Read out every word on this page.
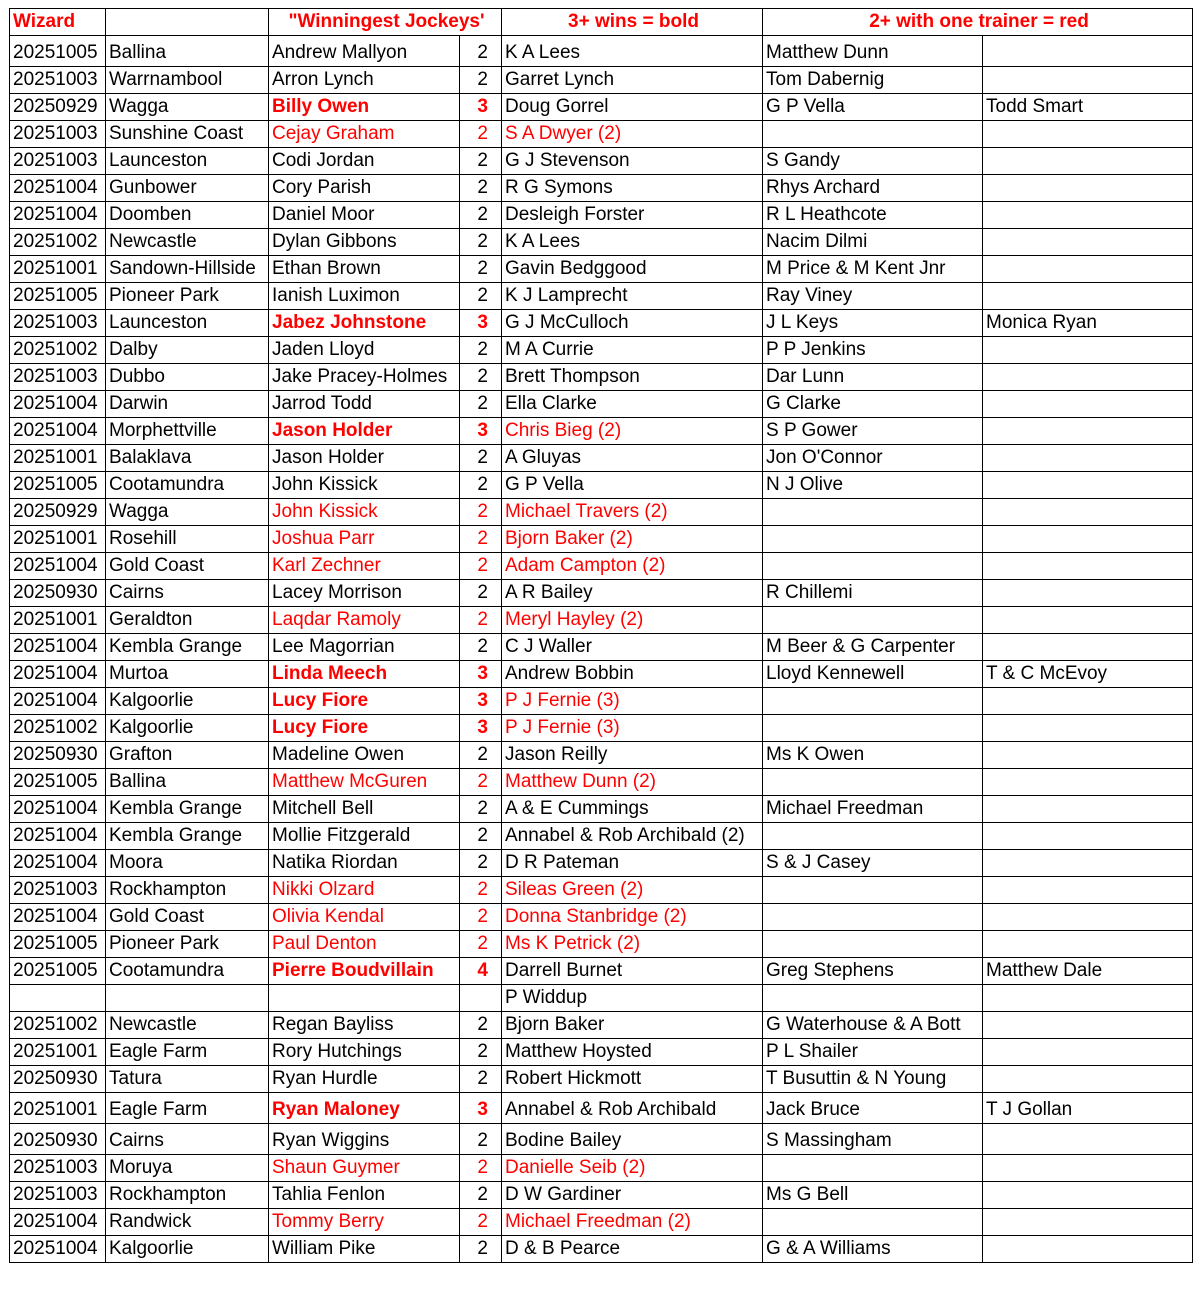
Wizard		"Winningest Jockeys'		3+ wins = bold	2+ with one trainer = red	
20251005	Ballina	Andrew Mallyon	2	K A Lees	Matthew Dunn	
20251003	Warrnambool	Arron Lynch	2	Garret Lynch	Tom Dabernig	
20250929	Wagga	Billy Owen	3	Doug Gorrel	G P Vella	Todd Smart
20251003	Sunshine Coast	Cejay Graham	2	S A Dwyer (2)		
20251003	Launceston	Codi Jordan	2	G J Stevenson	S Gandy	
20251004	Gunbower	Cory Parish	2	R G Symons	Rhys Archard	
20251004	Doomben	Daniel Moor	2	Desleigh Forster	R L Heathcote	
20251002	Newcastle	Dylan Gibbons	2	K A Lees	Nacim Dilmi	
20251001	Sandown-Hillside	Ethan Brown	2	Gavin Bedggood	M Price & M Kent Jnr	
20251005	Pioneer Park	Ianish Luximon	2	K J Lamprecht	Ray Viney	
20251003	Launceston	Jabez Johnstone	3	G J McCulloch	J L Keys	Monica Ryan
20251002	Dalby	Jaden Lloyd	2	M A Currie	P P Jenkins	
20251003	Dubbo	Jake Pracey-Holmes	2	Brett Thompson	Dar Lunn	
20251004	Darwin	Jarrod Todd	2	Ella Clarke	G Clarke	
20251004	Morphettville	Jason Holder	3	Chris Bieg (2)	S P Gower	
20251001	Balaklava	Jason Holder	2	A Gluyas	Jon O'Connor	
20251005	Cootamundra	John Kissick	2	G P Vella	N J Olive	
20250929	Wagga	John Kissick	2	Michael Travers (2)		
20251001	Rosehill	Joshua Parr	2	Bjorn Baker (2)		
20251004	Gold Coast	Karl Zechner	2	Adam Campton (2)		
20250930	Cairns	Lacey Morrison	2	A R Bailey	R Chillemi	
20251001	Geraldton	Laqdar Ramoly	2	Meryl Hayley (2)		
20251004	Kembla Grange	Lee Magorrian	2	C J Waller	M Beer & G Carpenter	
20251004	Murtoa	Linda Meech	3	Andrew Bobbin	Lloyd Kennewell	T & C McEvoy
20251004	Kalgoorlie	Lucy Fiore	3	P J Fernie (3)		
20251002	Kalgoorlie	Lucy Fiore	3	P J Fernie (3)		
20250930	Grafton	Madeline Owen	2	Jason Reilly	Ms K Owen	
20251005	Ballina	Matthew McGuren	2	Matthew Dunn (2)		
20251004	Kembla Grange	Mitchell Bell	2	A & E Cummings	Michael Freedman	
20251004	Kembla Grange	Mollie Fitzgerald	2	Annabel & Rob Archibald (2)		
20251004	Moora	Natika Riordan	2	D R Pateman	S & J Casey	
20251003	Rockhampton	Nikki Olzard	2	Sileas Green (2)		
20251004	Gold Coast	Olivia Kendal	2	Donna Stanbridge (2)		
20251005	Pioneer Park	Paul Denton	2	Ms K Petrick (2)		
20251005	Cootamundra	Pierre Boudvillain	4	Darrell Burnet	Greg Stephens	Matthew Dale
				P Widdup		
20251002	Newcastle	Regan Bayliss	2	Bjorn Baker	G Waterhouse & A Bott	
20251001	Eagle Farm	Rory Hutchings	2	Matthew Hoysted	P L Shailer	
20250930	Tatura	Ryan Hurdle	2	Robert Hickmott	T Busuttin & N Young	
20251001	Eagle Farm	Ryan Maloney	3	Annabel & Rob Archibald	Jack Bruce	T J Gollan
20250930	Cairns	Ryan Wiggins	2	Bodine Bailey	S Massingham	
20251003	Moruya	Shaun Guymer	2	Danielle Seib (2)		
20251003	Rockhampton	Tahlia Fenlon	2	D W Gardiner	Ms G Bell	
20251004	Randwick	Tommy Berry	2	Michael Freedman (2)		
20251004	Kalgoorlie	William Pike	2	D & B Pearce	G & A Williams	
